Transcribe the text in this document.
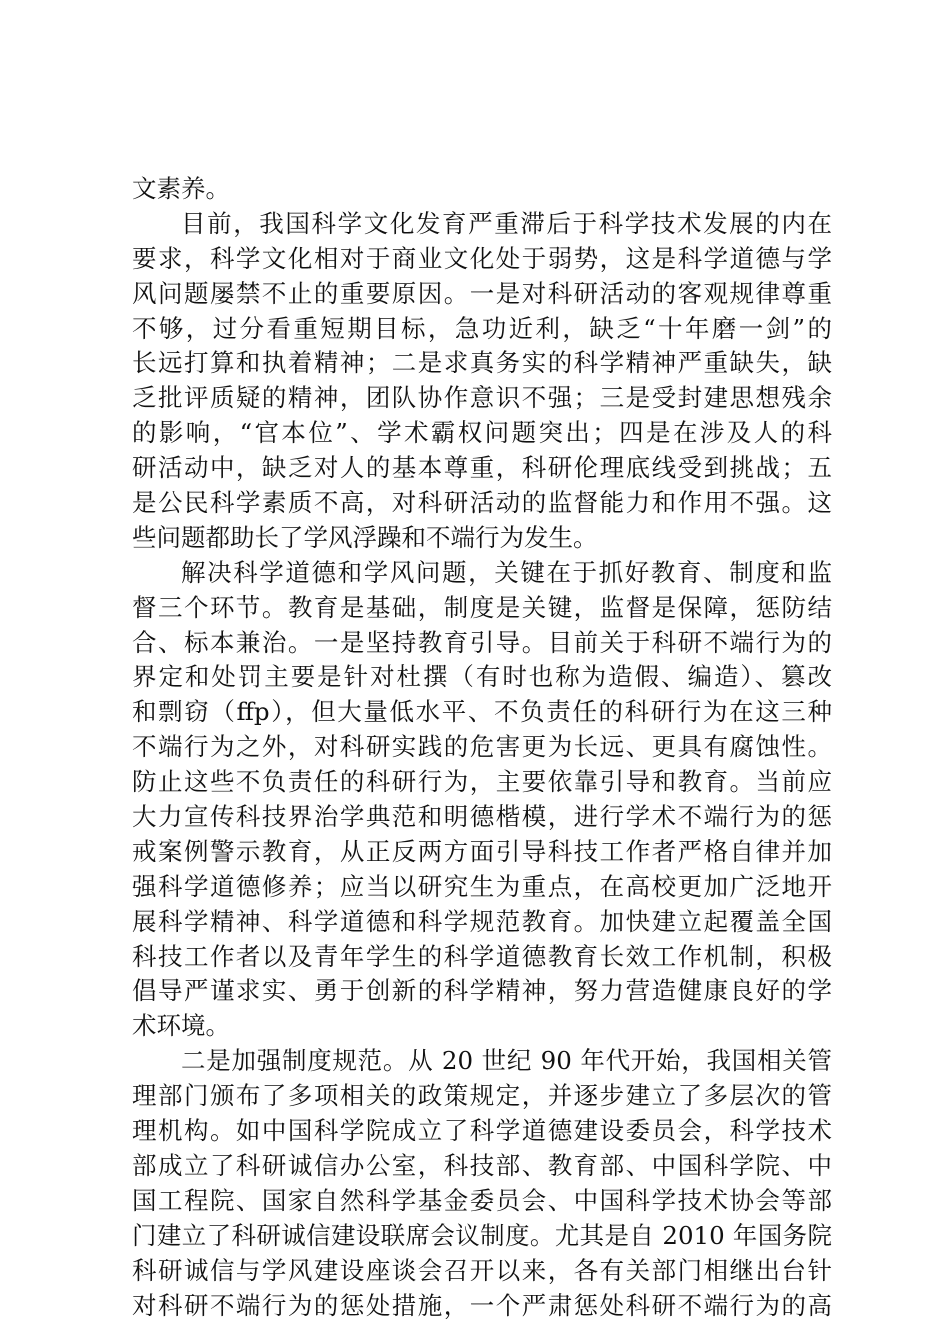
文素养。
目前，我国科学文化发育严重滞后于科学技术发展的内在
要求，科学文化相对于商业文化处于弱势，这是科学道德与学
风问题屡禁不止的重要原因。一是对科研活动的客观规律尊重
不够，过分看重短期目标，急功近利，缺乏“十年磨一剑”的
长远打算和执着精神；二是求真务实的科学精神严重缺失，缺
乏批评质疑的精神，团队协作意识不强；三是受封建思想残余
的影响，“官本位”、学术霸权问题突出；四是在涉及人的科
研活动中，缺乏对人的基本尊重，科研伦理底线受到挑战；五
是公民科学素质不高，对科研活动的监督能力和作用不强。这
些问题都助长了学风浮躁和不端行为发生。
解决科学道德和学风问题，关键在于抓好教育、制度和监
督三个环节。教育是基础，制度是关键，监督是保障，惩防结
合、标本兼治。一是坚持教育引导。目前关于科研不端行为的
界定和处罚主要是针对杜撰（有时也称为造假、编造）、篡改
和剽窃（ffp），但大量低水平、不负责任的科研行为在这三种
不端行为之外，对科研实践的危害更为长远、更具有腐蚀性。
防止这些不负责任的科研行为，主要依靠引导和教育。当前应
大力宣传科技界治学典范和明德楷模，进行学术不端行为的惩
戒案例警示教育，从正反两方面引导科技工作者严格自律并加
强科学道德修养；应当以研究生为重点，在高校更加广泛地开
展科学精神、科学道德和科学规范教育。加快建立起覆盖全国
科技工作者以及青年学生的科学道德教育长效工作机制，积极
倡导严谨求实、勇于创新的科学精神，努力营造健康良好的学
术环境。
二是加强制度规范。从 20 世纪 90 年代开始，我国相关管
理部门颁布了多项相关的政策规定，并逐步建立了多层次的管
理机构。如中国科学院成立了科学道德建设委员会，科学技术
部成立了科研诚信办公室，科技部、教育部、中国科学院、中
国工程院、国家自然科学基金委员会、中国科学技术协会等部
门建立了科研诚信建设联席会议制度。尤其是自 2010 年国务院
科研诚信与学风建设座谈会召开以来，各有关部门相继出台针
对科研不端行为的惩处措施，一个严肃惩处科研不端行为的高
